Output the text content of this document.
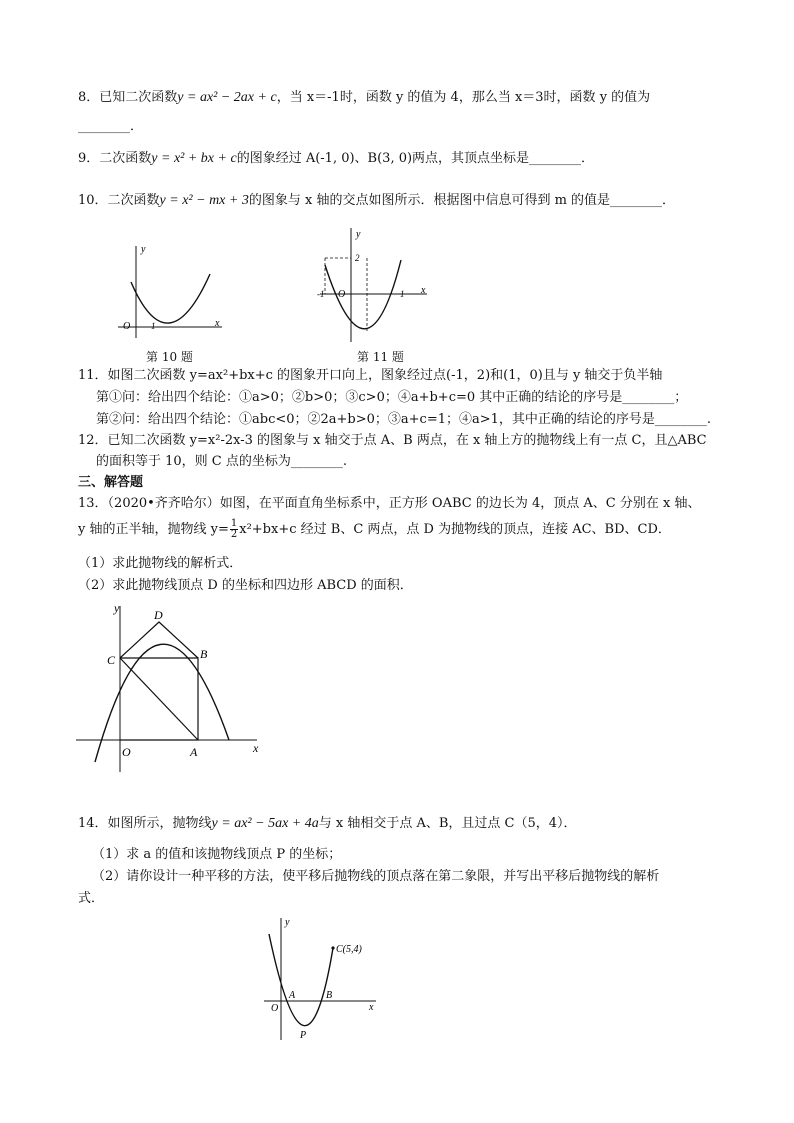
8．已知二次函数y = ax² − 2ax + c，当 x＝-1时，函数 y 的值为 4，那么当 x＝3时，函数 y 的值为
________．
9．二次函数y = x² + bx + c的图象经过 A(-1, 0)、B(3, 0)两点，其顶点坐标是________．
10．二次函数y = x² − mx + 3的图象与 x 轴的交点如图所示．根据图中信息可得到 m 的值是________．
y
x
O 1
第 10 题
y
x
O
2
-1	1
第 11 题
11．如图二次函数 y=ax²+bx+c 的图象开口向上，图象经过点(-1，2)和(1，0)且与 y 轴交于负半轴
第①问：给出四个结论：①a>0；②b>0；③c>0；④a+b+c=0 其中正确的结论的序号是________；
第②问：给出四个结论：①abc<0；②2a+b>0；③a+c=1；④a>1，其中正确的结论的序号是________.
12．已知二次函数 y=x²-2x-3 的图象与 x 轴交于点 A、B 两点，在 x 轴上方的抛物线上有一点 C，且△ABC
的面积等于 10，则 C 点的坐标为________.
三、解答题
13．（2020•齐齐哈尔）如图，在平面直角坐标系中，正方形 OABC 的边长为 4，顶点 A、C 分别在 x 轴、
y 轴的正半轴，抛物线 $y= \frac{1}{2} x^2+bx+c$ 经过 B、C 两点，点 D 为抛物线的顶点，连接 AC、BD、CD．
（1）求此抛物线的解析式．
（2）求此抛物线顶点 D 的坐标和四边形 ABCD 的面积．
y
x
O	A
B
C
D
14．如图所示，抛物线y = ax² − 5ax + 4a与 x 轴相交于点 A、B，且过点 C（5，4）．
（1）求 a 的值和该抛物线顶点 P 的坐标；
（2）请你设计一种平移的方法，使平移后抛物线的顶点落在第二象限，并写出平移后抛物线的解析
式．
y
x
O
A	B
C(5,4)
P
